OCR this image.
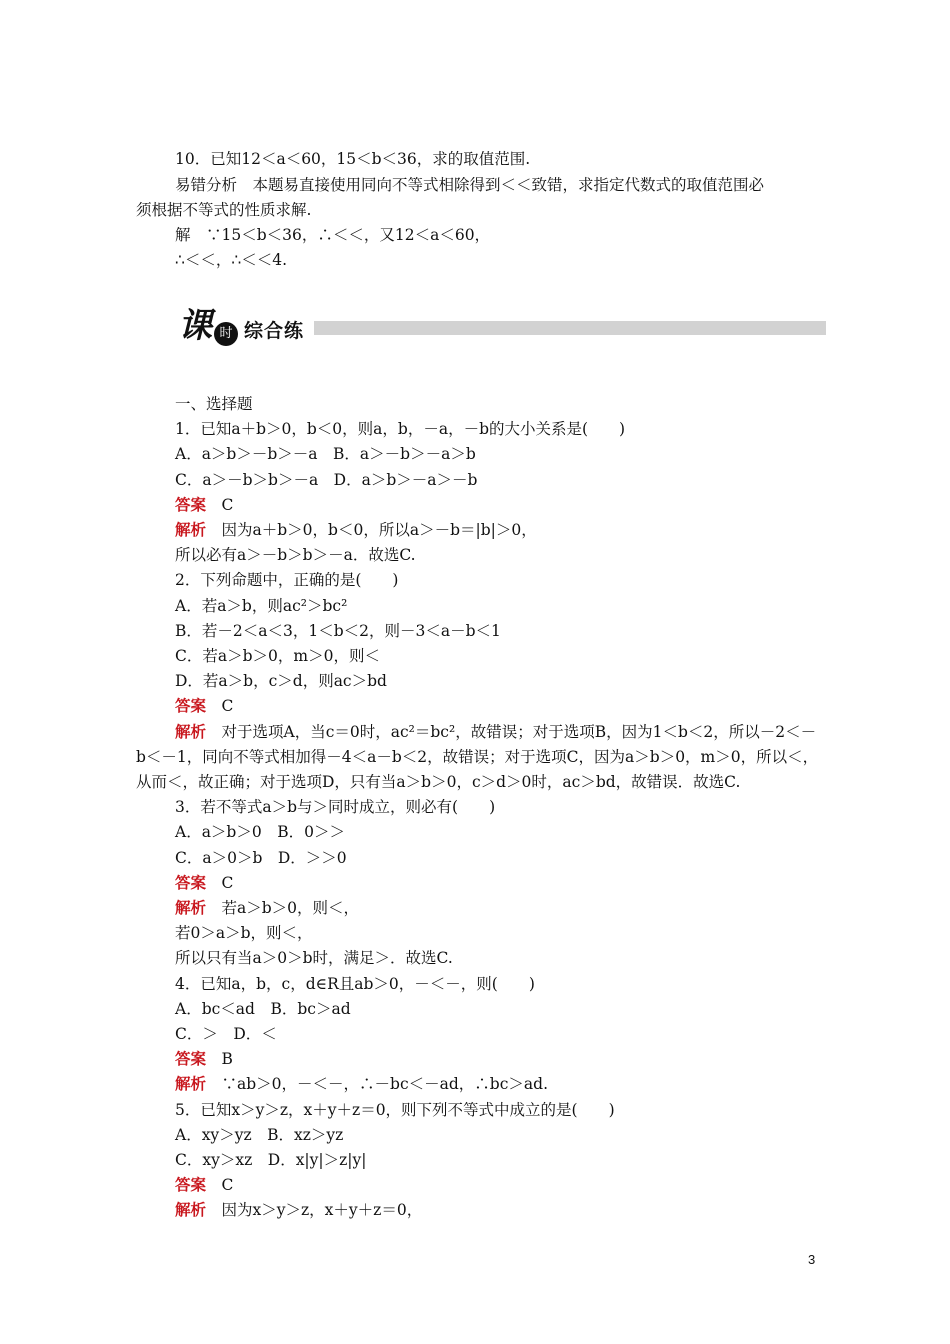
10．已知12＜a＜60，15＜b＜36，求的取值范围.
易错分析　本题易直接使用同向不等式相除得到＜＜致错，求指定代数式的取值范围必
须根据不等式的性质求解.
解　∵15＜b＜36，∴＜＜，又12＜a＜60，
∴＜＜，∴＜＜4.
课 时 综合练
一、选择题
1．已知a＋b＞0，b＜0，则a，b，－a，－b的大小关系是(　　)
A．a＞b＞－b＞－a　B．a＞－b＞－a＞b
C．a＞－b＞b＞－a　D．a＞b＞－a＞－b
答案　C
解析　因为a＋b＞0，b＜0，所以a＞－b＝|b|＞0，
所以必有a＞－b＞b＞－a．故选C.
2．下列命题中，正确的是(　　)
A．若a＞b，则ac²＞bc²
B．若－2＜a＜3，1＜b＜2，则－3＜a－b＜1
C．若a＞b＞0，m＞0，则＜
D．若a＞b，c＞d，则ac＞bd
答案　C
解析　对于选项A，当c＝0时，ac²＝bc²，故错误；对于选项B，因为1＜b＜2，所以－2＜－
b＜－1，同向不等式相加得－4＜a－b＜2，故错误；对于选项C，因为a＞b＞0，m＞0，所以＜，
从而＜，故正确；对于选项D，只有当a＞b＞0，c＞d＞0时，ac＞bd，故错误．故选C.
3．若不等式a＞b与＞同时成立，则必有(　　)
A．a＞b＞0　B．0＞＞
C．a＞0＞b　D．＞＞0
答案　C
解析　若a＞b＞0，则＜，
若0＞a＞b，则＜，
所以只有当a＞0＞b时，满足＞．故选C.
4．已知a，b，c，d∈R且ab＞0，－＜－，则(　　)
A．bc＜ad　B．bc＞ad
C．＞　D．＜
答案　B
解析　∵ab＞0，－＜－，∴－bc＜－ad，∴bc＞ad.
5．已知x＞y＞z，x＋y＋z＝0，则下列不等式中成立的是(　　)
A．xy＞yz　B．xz＞yz
C．xy＞xz　D．x|y|＞z|y|
答案　C
解析　因为x＞y＞z，x＋y＋z＝0，
3
